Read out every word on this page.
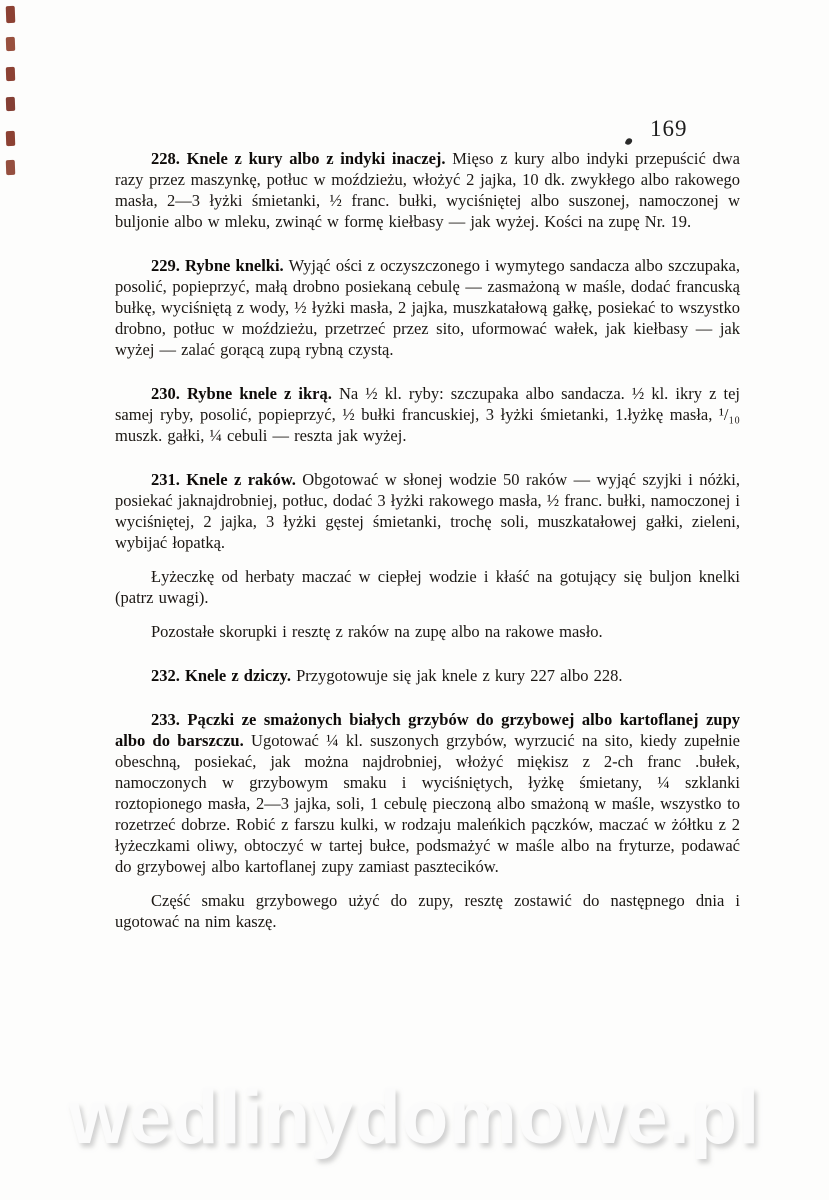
169

228. Knele z kury albo z indyki inaczej. Mięso z kury albo indyki przepuścić dwa razy przez maszynkę, potłuc w moździeżu, włożyć 2 jajka, 10 dk. zwykłego albo rakowego masła, 2—3 łyżki śmietanki, ½ franc. bułki, wyciśniętej albo suszonej, namoczonej w buljonie albo w mleku, zwinąć w formę kiełbasy — jak wyżej. Kości na zupę Nr. 19.

229. Rybne knelki. Wyjąć ości z oczyszczonego i wymytego sandacza albo szczupaka, posolić, popieprzyć, małą drobno posiekaną cebulę — zasmażoną w maśle, dodać francuską bułkę, wyciśniętą z wody, ½ łyżki masła, 2 jajka, muszkatałową gałkę, posiekać to wszystko drobno, potłuc w moździeżu, przetrzeć przez sito, uformować wałek, jak kiełbasy — jak wyżej — zalać gorącą zupą rybną czystą.

230. Rybne knele z ikrą. Na ½ kl. ryby: szczupaka albo sandacza. ½ kl. ikry z tej samej ryby, posolić, popieprzyć, ½ bułki francuskiej, 3 łyżki śmietanki, 1.łyżkę masła, ¹/₁₀ muszk. gałki, ¼ cebuli — reszta jak wyżej.

231. Knele z raków. Obgotować w słonej wodzie 50 raków — wyjąć szyjki i nóżki, posiekać jaknajdrobniej, potłuc, dodać 3 łyżki rakowego masła, ½ franc. bułki, namoczonej i wyciśniętej, 2 jajka, 3 łyżki gęstej śmietanki, trochę soli, muszkatałowej gałki, zieleni, wybijać łopatką.

Łyżeczkę od herbaty maczać w ciepłej wodzie i kłaść na gotujący się buljon knelki (patrz uwagi).

Pozostałe skorupki i resztę z raków na zupę albo na rakowe masło.

232. Knele z dziczy. Przygotowuje się jak knele z kury 227 albo 228.

233. Pączki ze smażonych białych grzybów do grzybowej albo kartoflanej zupy albo do barszczu. Ugotować ¼ kl. suszonych grzybów, wyrzucić na sito, kiedy zupełnie obeschną, posiekać, jak można najdrobniej, włożyć miękisz z 2-ch franc .bułek, namoczonych w grzybowym smaku i wyciśniętych, łyżkę śmietany, ¼ szklanki roztopionego masła, 2—3 jajka, soli, 1 cebulę pieczoną albo smażoną w maśle, wszystko to rozetrzeć dobrze. Robić z farszu kulki, w rodzaju maleńkich pączków, maczać w żółtku z 2 łyżeczkami oliwy, obtoczyć w tartej bułce, podsmażyć w maśle albo na fryturze, podawać do grzybowej albo kartoflanej zupy zamiast pasztecików.

Część smaku grzybowego użyć do zupy, resztę zostawić do następnego dnia i ugotować na nim kaszę.

wedlinydomowe.pl
